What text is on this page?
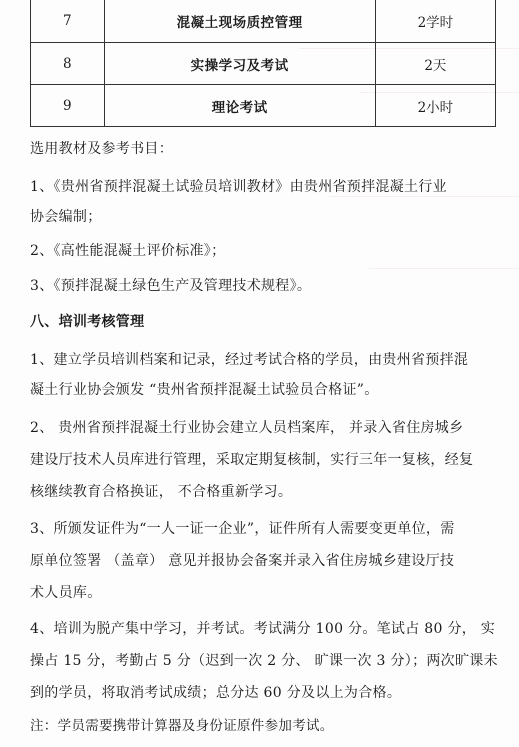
7	混凝土现场质控管理	2学时
8	实操学习及考试	2天
9	理论考试	2小时

选用教材及参考书目：

1、《贵州省预拌混凝土试验员培训教材》由贵州省预拌混凝土行业

协会编制；

2、《高性能混凝土评价标准》；

3、《预拌混凝土绿色生产及管理技术规程》。

八、培训考核管理

1、建立学员培训档案和记录，经过考试合格的学员，由贵州省预拌混

凝土行业协会颁发 “贵州省预拌混凝土试验员合格证”。

2、 贵州省预拌混凝土行业协会建立人员档案库， 并录入省住房城乡

建设厅技术人员库进行管理，采取定期复核制，实行三年一复核，经复

核继续教育合格换证， 不合格重新学习。

3、所颁发证件为“一人一证一企业”，证件所有人需要变更单位，需

原单位签署 （盖章） 意见并报协会备案并录入省住房城乡建设厅技

术人员库。

4、培训为脱产集中学习，并考试。考试满分 100 分。笔试占 80 分， 实

操占 15 分，考勤占 5 分（迟到一次 2 分、 旷课一次 3 分）；两次旷课未

到的学员，将取消考试成绩；总分达 60 分及以上为合格。

注：学员需要携带计算器及身份证原件参加考试。
